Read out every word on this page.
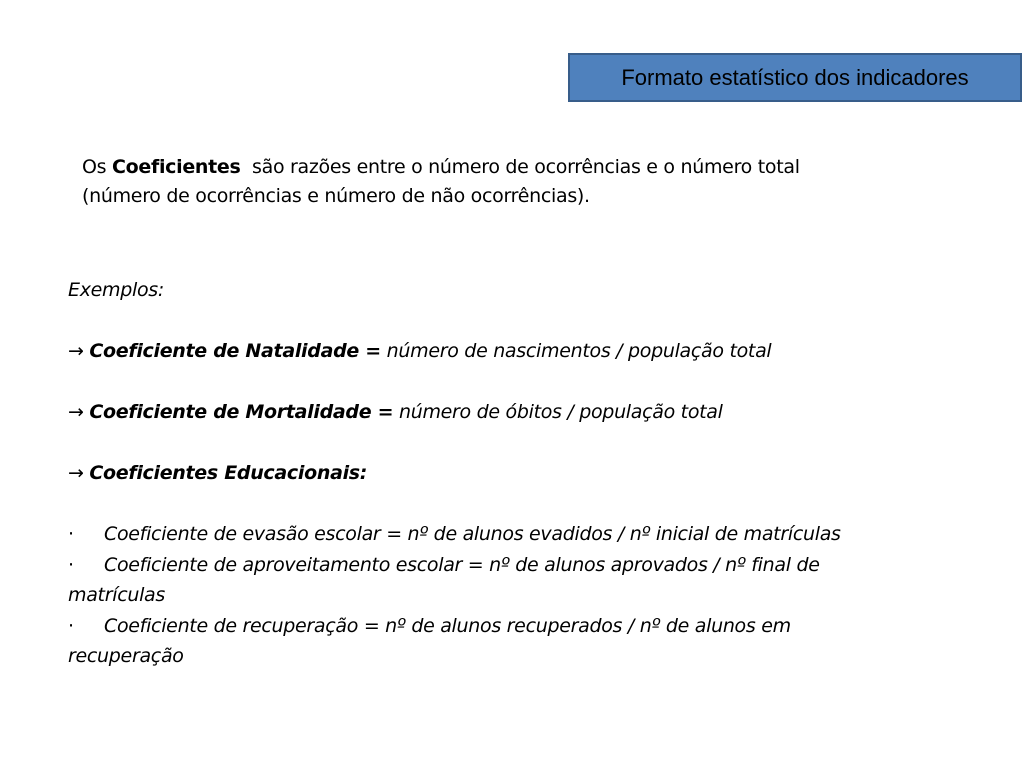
Formato estatístico dos indicadores
Os Coeficientes  são razões entre o número de ocorrências e o número total
(número de ocorrências e número de não ocorrências).
Exemplos:
→ Coeficiente de Natalidade = número de nascimentos / população total
→ Coeficiente de Mortalidade = número de óbitos / população total
→ Coeficientes Educacionais:
· Coeficiente de evasão escolar = nº de alunos evadidos / nº inicial de matrículas
· Coeficiente de aproveitamento escolar = nº de alunos aprovados / nº final de
matrículas
· Coeficiente de recuperação = nº de alunos recuperados / nº de alunos em
recuperação
